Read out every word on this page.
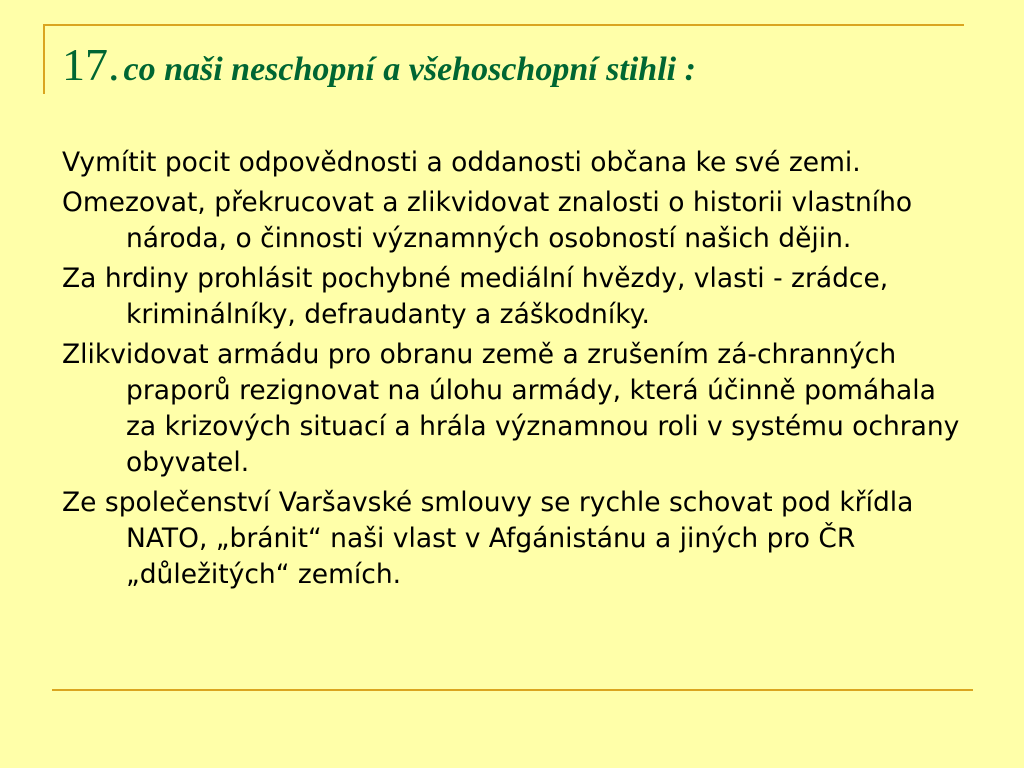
17. co naši neschopní a všehoschopní stihli :

Vymítit pocit odpovědnosti a oddanosti občana ke své zemi.

Omezovat, překrucovat a zlikvidovat znalosti o historii vlastního národa, o činnosti významných osobností našich dějin.

Za hrdiny prohlásit pochybné mediální hvězdy, vlasti - zrádce, kriminálníky, defraudanty a záškodníky.

Zlikvidovat armádu pro obranu země a zrušením zá-chranných praporů rezignovat na úlohu armády, která účinně pomáhala za krizových situací a hrála významnou roli v systému ochrany obyvatel.

Ze společenství Varšavské smlouvy se rychle schovat pod křídla NATO, „bránit“ naši vlast v Afgánistánu a jiných pro ČR „důležitých“ zemích.
